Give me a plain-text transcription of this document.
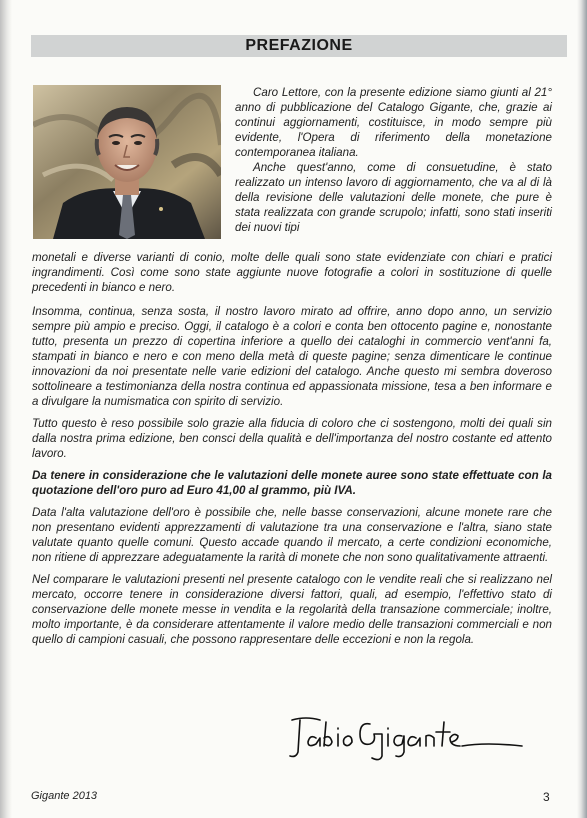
PREFAZIONE

Caro Lettore, con la presente edizione siamo giunti al 21° anno di pubblicazione del Catalogo Gigante, che, grazie ai continui aggiornamenti, costituisce, in modo sempre più evidente, l'Opera di riferimento della monetazione contemporanea italiana.

Anche quest'anno, come di consuetudine, è stato realizzato un intenso lavoro di aggiornamento, che va al di là della revisione delle valutazioni delle monete, che pure è stata realizzata con grande scrupolo; infatti, sono stati inseriti dei nuovi tipi

monetali e diverse varianti di conio, molte delle quali sono state evidenziate con chiari e pratici ingrandimenti. Così come sono state aggiunte nuove fotografie a colori in sostituzione di quelle precedenti in bianco e nero.

Insomma, continua, senza sosta, il nostro lavoro mirato ad offrire, anno dopo anno, un servizio sempre più ampio e preciso. Oggi, il catalogo è a colori e conta ben ottocento pagine e, nonostante tutto, presenta un prezzo di copertina inferiore a quello dei cataloghi in commercio vent'anni fa, stampati in bianco e nero e con meno della metà di queste pagine; senza dimenticare le continue innovazioni da noi presentate nelle varie edizioni del catalogo. Anche questo mi sembra doveroso sottolineare a testimonianza della nostra continua ed appassionata missione, tesa a ben informare e a divulgare la numismatica con spirito di servizio.

Tutto questo è reso possibile solo grazie alla fiducia di coloro che ci sostengono, molti dei quali sin dalla nostra prima edizione, ben consci della qualità e dell'importanza del nostro costante ed attento lavoro.

Da tenere in considerazione che le valutazioni delle monete auree sono state effettuate con la quotazione dell'oro puro ad Euro 41,00 al grammo, più IVA.

Data l'alta valutazione dell'oro è possibile che, nelle basse conservazioni, alcune monete rare che non presentano evidenti apprezzamenti di valutazione tra una conservazione e l'altra, siano state valutate quanto quelle comuni. Questo accade quando il mercato, a certe condizioni economiche, non ritiene di apprezzare adeguatamente la rarità di monete che non sono qualitativamente attraenti.

Nel comparare le valutazioni presenti nel presente catalogo con le vendite reali che si realizzano nel mercato, occorre tenere in considerazione diversi fattori, quali, ad esempio, l'effettivo stato di conservazione delle monete messe in vendita e la regolarità della transazione commerciale; inoltre, molto importante, è da considerare attentamente il valore medio delle transazioni commerciali e non quello di campioni casuali, che possono rappresentare delle eccezioni e non la regola.

Gigante 2013	3
